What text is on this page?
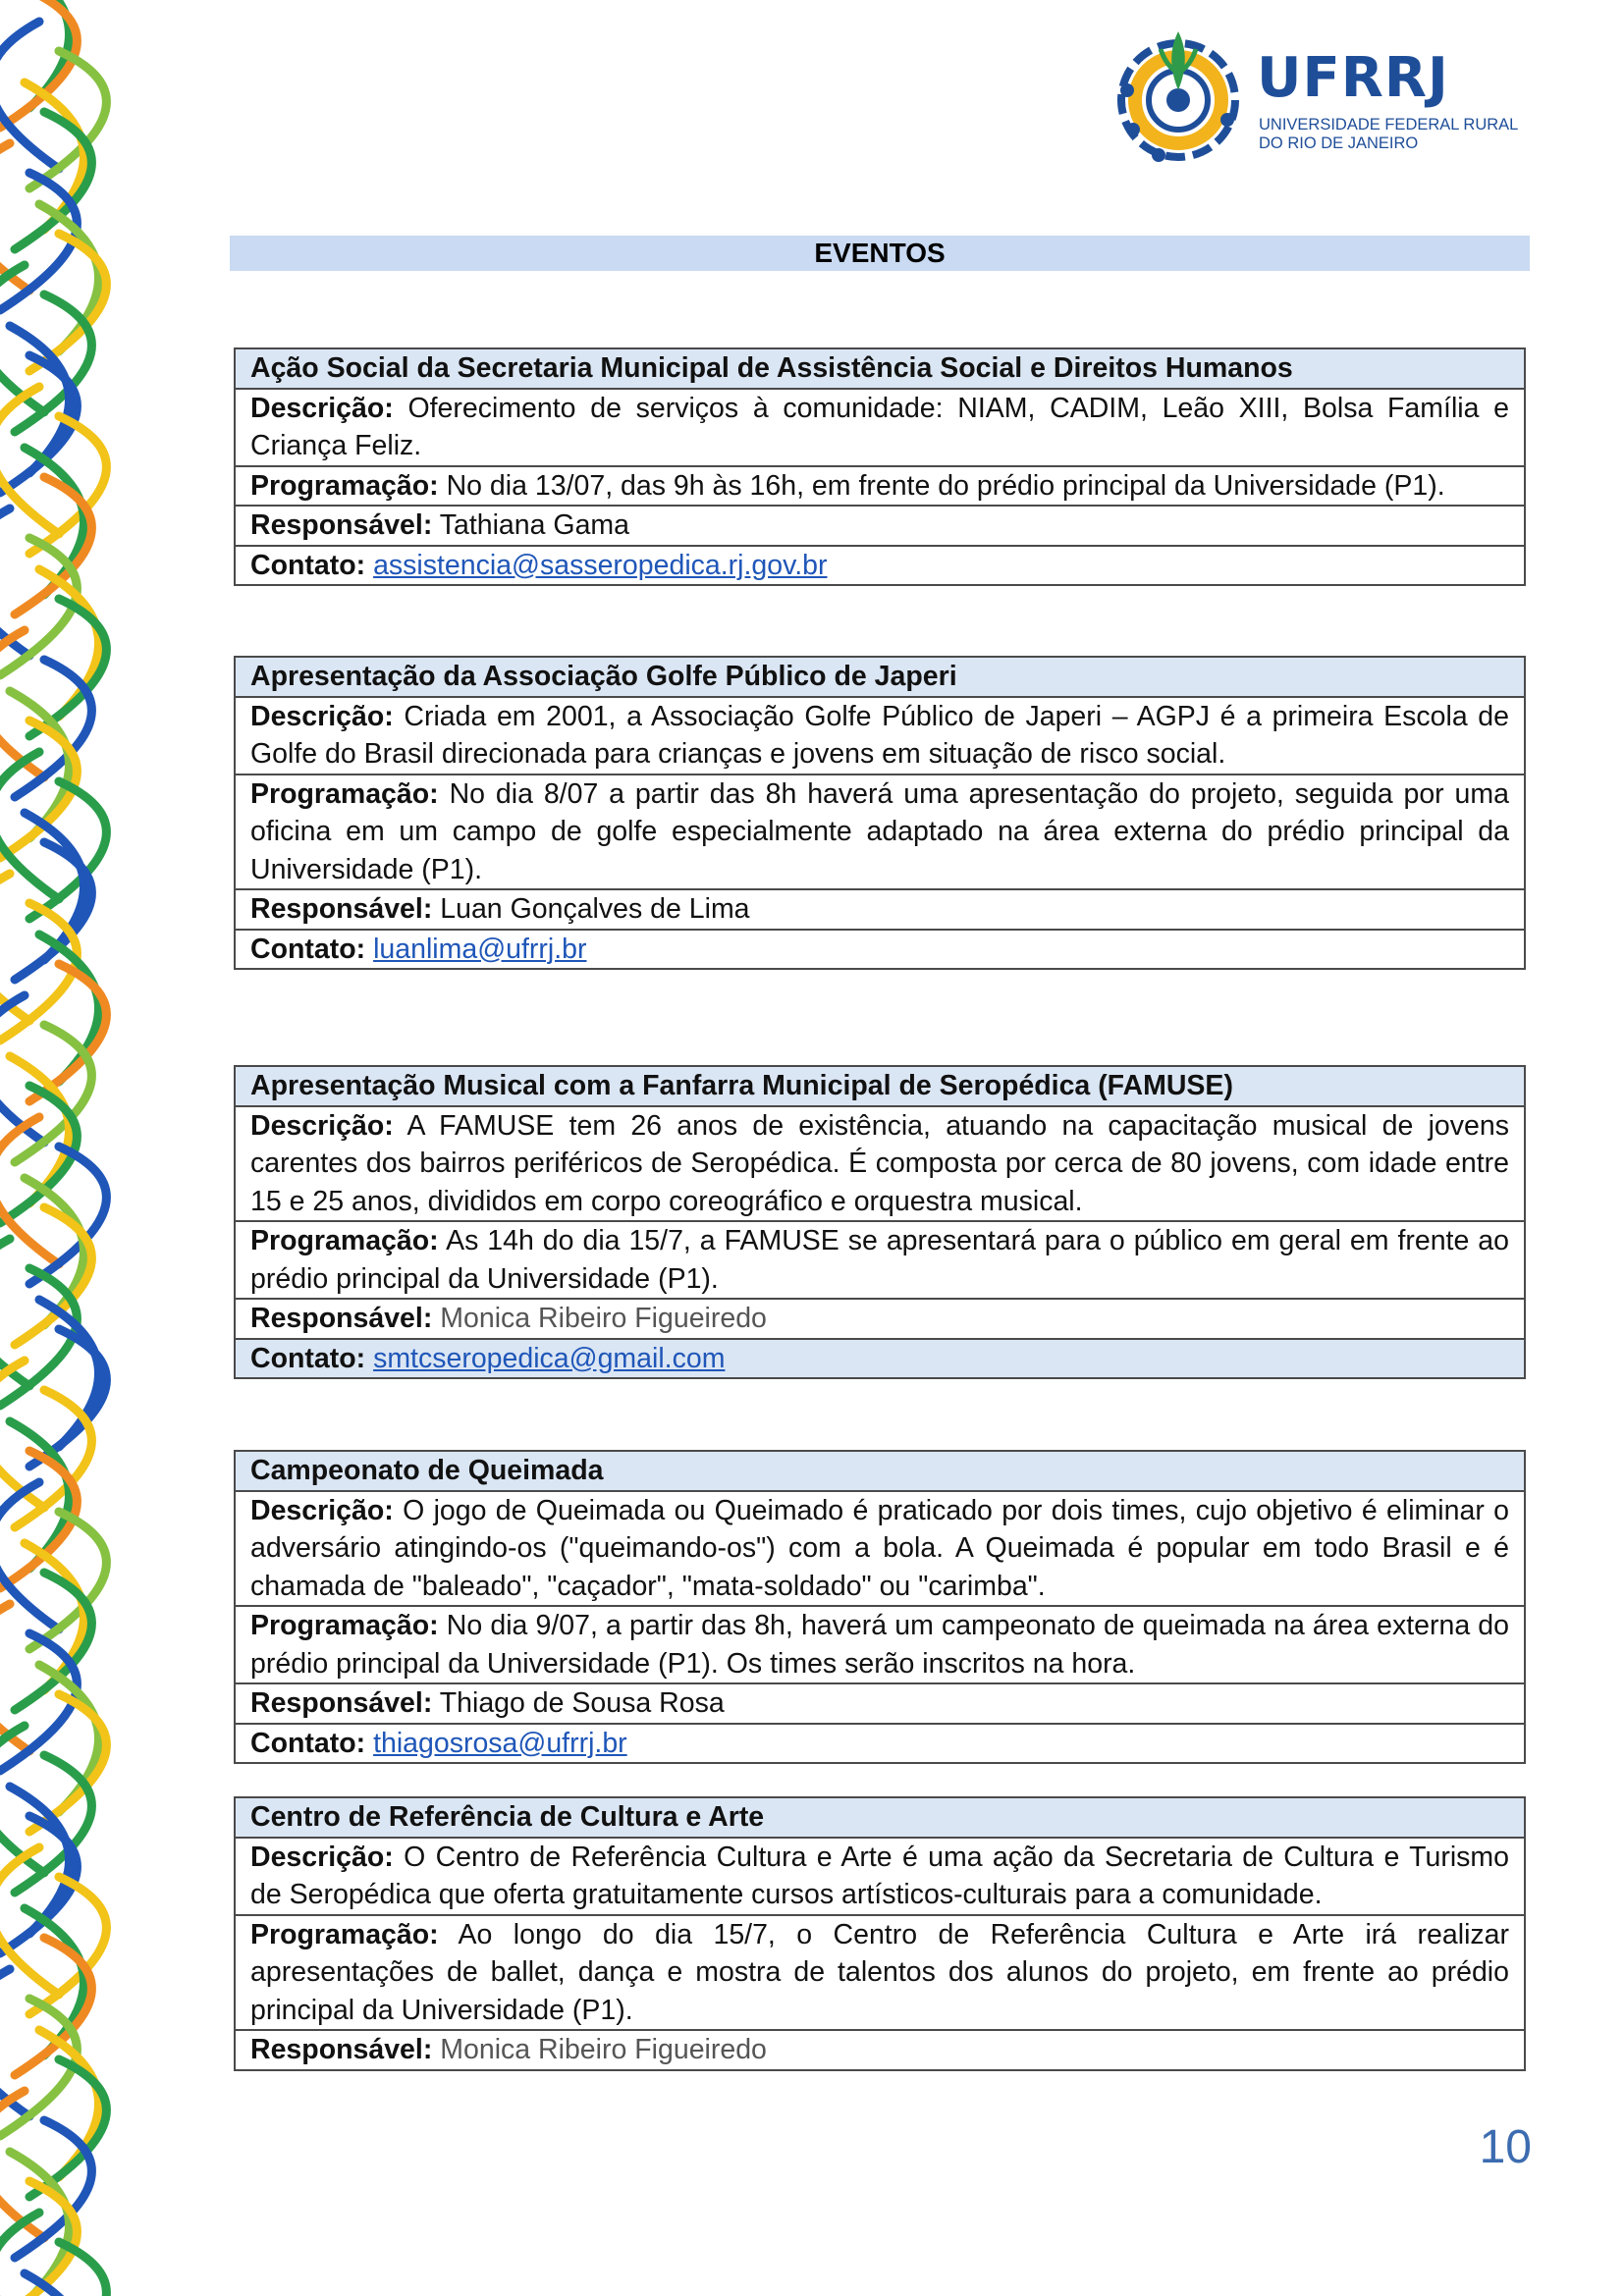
UFRRJ
UNIVERSIDADE FEDERAL RURAL DO RIO DE JANEIRO
EVENTOS
Ação Social da Secretaria Municipal de Assistência Social e Direitos Humanos
Descrição: Oferecimento de serviços à comunidade: NIAM, CADIM, Leão XIII, Bolsa Família e Criança Feliz.
Programação: No dia 13/07, das 9h às 16h, em frente do prédio principal da Universidade (P1).
Responsável: Tathiana Gama
Contato: assistencia@sasseropedica.rj.gov.br
Apresentação da Associação Golfe Público de Japeri
Descrição: Criada em 2001, a Associação Golfe Público de Japeri – AGPJ é a primeira Escola de Golfe do Brasil direcionada para crianças e jovens em situação de risco social.
Programação: No dia 8/07 a partir das 8h haverá uma apresentação do projeto, seguida por uma oficina em um campo de golfe especialmente adaptado na área externa do prédio principal da Universidade (P1).
Responsável: Luan Gonçalves de Lima
Contato: luanlima@ufrrj.br
Apresentação Musical com a Fanfarra Municipal de Seropédica (FAMUSE)
Descrição: A FAMUSE tem 26 anos de existência, atuando na capacitação musical de jovens carentes dos bairros periféricos de Seropédica. É composta por cerca de 80 jovens, com idade entre 15 e 25 anos, divididos em corpo coreográfico e orquestra musical.
Programação: As 14h do dia 15/7, a FAMUSE se apresentará para o público em geral em frente ao prédio principal da Universidade (P1).
Responsável: Monica Ribeiro Figueiredo
Contato: smtcseropedica@gmail.com
Campeonato de Queimada
Descrição: O jogo de Queimada ou Queimado é praticado por dois times, cujo objetivo é eliminar o adversário atingindo-os ("queimando-os") com a bola. A Queimada é popular em todo Brasil e é chamada de "baleado", "caçador", "mata-soldado" ou "carimba".
Programação: No dia 9/07, a partir das 8h, haverá um campeonato de queimada na área externa do prédio principal da Universidade (P1). Os times serão inscritos na hora.
Responsável: Thiago de Sousa Rosa
Contato: thiagosrosa@ufrrj.br
Centro de Referência de Cultura e Arte
Descrição: O Centro de Referência Cultura e Arte é uma ação da Secretaria de Cultura e Turismo de Seropédica que oferta gratuitamente cursos artísticos-culturais para a comunidade.
Programação: Ao longo do dia 15/7, o Centro de Referência Cultura e Arte irá realizar apresentações de ballet, dança e mostra de talentos dos alunos do projeto, em frente ao prédio principal da Universidade (P1).
Responsável: Monica Ribeiro Figueiredo
10
